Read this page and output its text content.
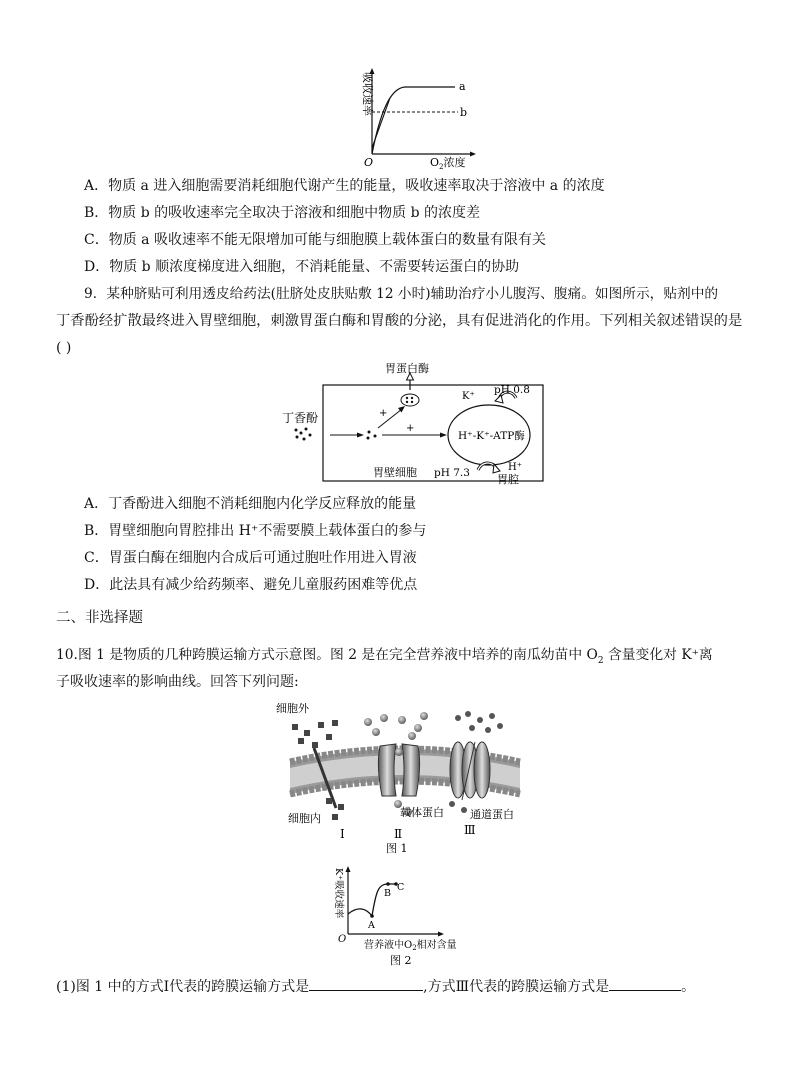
吸收速率
O	$O_2$浓度
a
b
A．物质 a 进入细胞需要消耗细胞代谢产生的能量，吸收速率取决于溶液中 a 的浓度
B．物质 b 的吸收速率完全取决于溶液和细胞中物质 b 的浓度差
C．物质 a 吸收速率不能无限增加可能与细胞膜上载体蛋白的数量有限有关
D．物质 b 顺浓度梯度进入细胞，不消耗能量、不需要转运蛋白的协助
9．某种脐贴可利用透皮给药法(肚脐处皮肤贴敷 12 小时)辅助治疗小儿腹泻、腹痛。如图所示，贴剂中的
丁香酚经扩散最终进入胃壁细胞，刺激胃蛋白酶和胃酸的分泌，具有促进消化的作用。下列相关叙述错误的是
( )
胃蛋白酶
丁香酚	+
+
H⁺-K⁺-ATP酶
K⁺
pH 0.8
H⁺
胃腔
胃壁细胞 pH 7.3
A．丁香酚进入细胞不消耗细胞内化学反应释放的能量
B．胃壁细胞向胃腔排出 H⁺不需要膜上载体蛋白的参与
C．胃蛋白酶在细胞内合成后可通过胞吐作用进入胃液
D．此法具有减少给药频率、避免儿童服药困难等优点
二、非选择题
10.图 1 是物质的几种跨膜运输方式示意图。图 2 是在完全营养液中培养的南瓜幼苗中 $O_2$ 含量变化对 K⁺离
子吸收速率的影响曲线。回答下列问题:
细胞外
细胞内
Ⅰ
载体蛋白
Ⅱ
通道蛋白
Ⅲ
图 1
K⁺吸收速率
O
A
B
C
营养液中$O_2$相对含量
图 2
(1)图 1 中的方式Ⅰ代表的跨膜运输方式是	,方式Ⅲ代表的跨膜运输方式是	。
